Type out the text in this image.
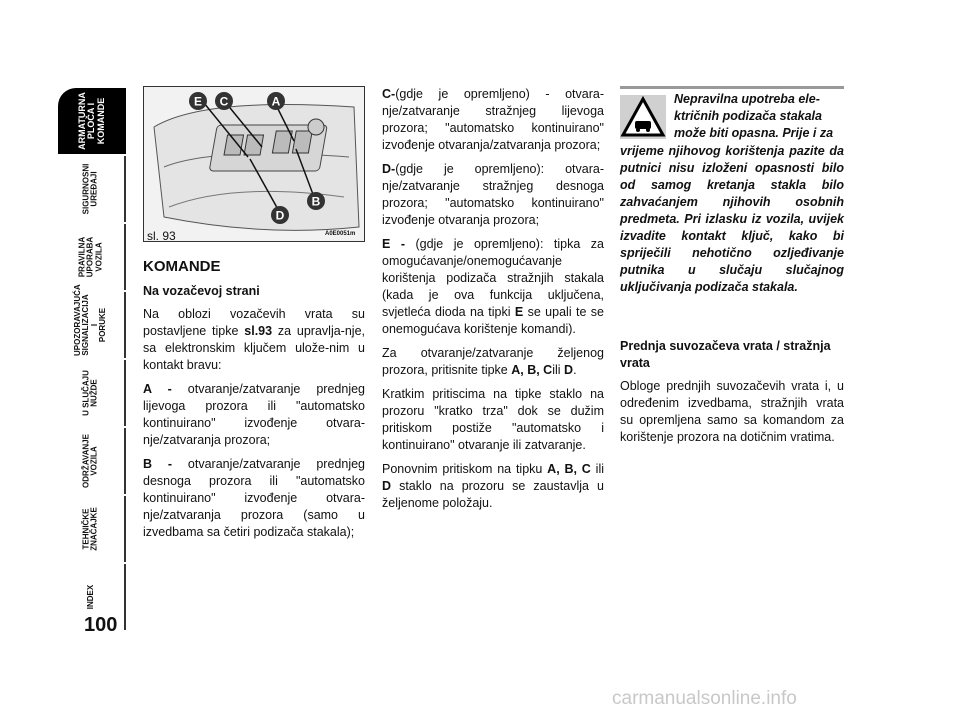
ARMATURNA
PLOČA I
KOMANDE
SIGURNOSNI
UREĐAJI
PRAVILNA
UPORABA
VOZILA
UPOZORAVAJUĆA
SIGNALIZACIJA I
PORUKE
U SLUČAJU
NUŽDE
ODRŽAVANJE
VOZILA
TEHNIČKE
ZNAČAJKE
INDEX
100
E C	A
B
D
sl. 93	A0E0051m
KOMANDE
Na vozačevoj strani

Na oblozi vozačevih vrata su postavljene tipke sl.93 za upravlja-nje, sa elektronskim ključem ulože-nim u kontakt bravu:

A - otvaranje/zatvaranje prednjeg lijevoga prozora ili "automatsko kontinuirano" izvođenje otvara-nje/zatvaranja prozora;

B - otvaranje/zatvaranje prednjeg desnoga prozora ili "automatsko kontinuirano" izvođenje otvara-nje/zatvaranja prozora (samo u izvedbama sa četiri podizača stakala);

C-(gdje je opremljeno) - otvara-nje/zatvaranje stražnjeg lijevoga prozora; "automatsko kontinuirano" izvođenje otvaranja/zatvaranja prozora;

D-(gdje je opremljeno): otvara-nje/zatvaranje stražnjeg desnoga prozora; "automatsko kontinuirano" izvođenje otvaranja prozora;

E - (gdje je opremljeno): tipka za omogućavanje/onemogućavanje korištenja podizača stražnjih stakala (kada je ova funkcija uključena, svjetleća dioda na tipki E se upali te se onemogućava korištenje komandi).

Za otvaranje/zatvaranje željenog prozora, pritisnite tipke A, B, Cili D.

Kratkim pritiscima na tipke staklo na prozoru "kratko trza" dok se dužim pritiskom postiže "automatsko i kontinuirano" otvaranje ili zatvaranje.

Ponovnim pritiskom na tipku A, B, C ili D staklo na prozoru se zaustavlja u željenome položaju.

Nepravilna upotreba ele-ktričnih podizača stakala može biti opasna. Prije i za

vrijeme njihovog korištenja pazite da putnici nisu izloženi opasnosti bilo od samog kretanja stakla bilo zahvaćanjem njihovih osobnih predmeta. Pri izlasku iz vozila, uvijek izvadite kontakt ključ, kako bi spriječili nehotično ozljeđivanje putnika u slučaju slučajnog uključivanja podizača stakala.

Prednja suvozačeva vrata / stražnja vrata

Obloge prednjih suvozačevih vrata i, u određenim izvedbama, stražnjih vrata su opremljena samo sa komandom za korištenje prozora na dotičnim vratima.

carmanualsonline.info
